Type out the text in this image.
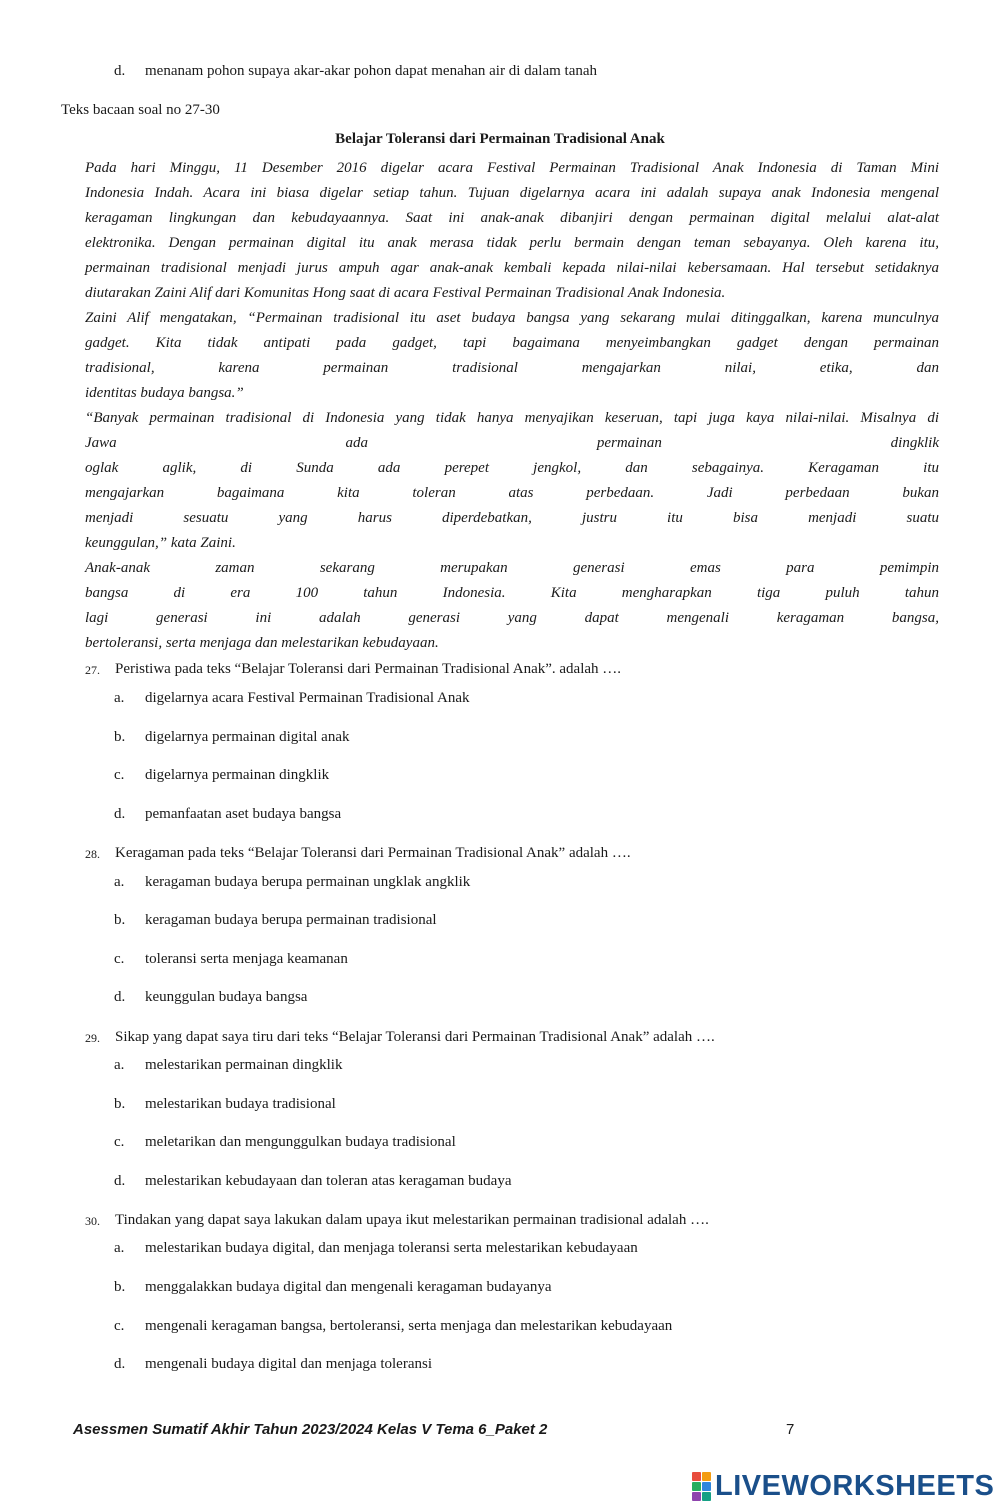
d. menanam pohon supaya akar-akar pohon dapat menahan air di dalam tanah
Teks bacaan soal no 27-30
Belajar Toleransi dari Permainan Tradisional Anak
Pada hari Minggu, 11 Desember 2016 digelar acara Festival Permainan Tradisional Anak Indonesia di Taman Mini
Indonesia Indah. Acara ini biasa digelar setiap tahun. Tujuan digelarnya acara ini adalah supaya anak Indonesia mengenal
keragaman lingkungan dan kebudayaannya. Saat ini anak-anak dibanjiri dengan permainan digital melalui alat-alat
elektronika. Dengan permainan digital itu anak merasa tidak perlu bermain dengan teman sebayanya. Oleh karena itu,
permainan tradisional menjadi jurus ampuh agar anak-anak kembali kepada nilai-nilai kebersamaan. Hal tersebut setidaknya
diutarakan Zaini Alif dari Komunitas Hong saat di acara Festival Permainan Tradisional Anak Indonesia.
Zaini Alif mengatakan, “Permainan tradisional itu aset budaya bangsa yang sekarang mulai ditinggalkan, karena munculnya
gadget. Kita tidak antipati pada gadget, tapi bagaimana menyeimbangkan gadget dengan permainan
tradisional, karena permainan tradisional mengajarkan nilai, etika, dan
identitas budaya bangsa.”
“Banyak permainan tradisional di Indonesia yang tidak hanya menyajikan keseruan, tapi juga kaya nilai-nilai. Misalnya di
Jawa ada permainan dingklik
oglak aglik, di Sunda ada perepet jengkol, dan sebagainya. Keragaman itu
mengajarkan bagaimana kita toleran atas perbedaan. Jadi perbedaan bukan
menjadi sesuatu yang harus diperdebatkan, justru itu bisa menjadi suatu
keunggulan,” kata Zaini.
Anak-anak zaman sekarang merupakan generasi emas para pemimpin
bangsa di era 100 tahun Indonesia. Kita mengharapkan tiga puluh tahun
lagi generasi ini adalah generasi yang dapat mengenali keragaman bangsa,
bertoleransi, serta menjaga dan melestarikan kebudayaan.
27. Peristiwa pada teks “Belajar Toleransi dari Permainan Tradisional Anak”. adalah ….
a. digelarnya acara Festival Permainan Tradisional Anak
b. digelarnya permainan digital anak
c. digelarnya permainan dingklik
d. pemanfaatan aset budaya bangsa
28. Keragaman pada teks “Belajar Toleransi dari Permainan Tradisional Anak” adalah ….
a. keragaman budaya berupa permainan ungklak angklik
b. keragaman budaya berupa permainan tradisional
c. toleransi serta menjaga keamanan
d. keunggulan budaya bangsa
29. Sikap yang dapat saya tiru dari teks “Belajar Toleransi dari Permainan Tradisional Anak” adalah ….
a. melestarikan permainan dingklik
b. melestarikan budaya tradisional
c. meletarikan dan mengunggulkan budaya tradisional
d. melestarikan kebudayaan dan toleran atas keragaman budaya
30. Tindakan yang dapat saya lakukan dalam upaya ikut melestarikan permainan tradisional adalah ….
a. melestarikan budaya digital, dan menjaga toleransi serta melestarikan kebudayaan
b. menggalakkan budaya digital dan mengenali keragaman budayanya
c. mengenali keragaman bangsa, bertoleransi, serta menjaga dan melestarikan kebudayaan
d. mengenali budaya digital dan menjaga toleransi
Asessmen Sumatif Akhir Tahun 2023/2024 Kelas V Tema 6_Paket 2	7
LIVEWORKSHEETS
